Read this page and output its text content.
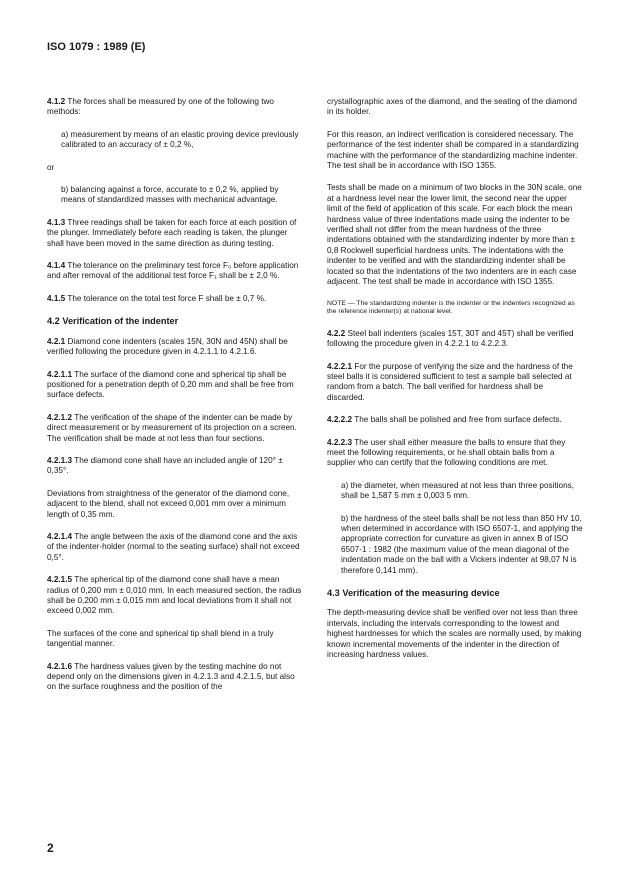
ISO 1079 : 1989 (E)

4.1.2 The forces shall be measured by one of the following two methods:

a) measurement by means of an elastic proving device previously calibrated to an accuracy of ± 0,2 %,

or

b) balancing against a force, accurate to ± 0,2 %, applied by means of standardized masses with mechanical advantage.

4.1.3 Three readings shall be taken for each force at each position of the plunger. Immediately before each reading is taken, the plunger shall have been moved in the same direction as during testing.

4.1.4 The tolerance on the preliminary test force F₀ before application and after removal of the additional test force F₁ shall be ± 2,0 %.

4.1.5 The tolerance on the total test force F shall be ± 0,7 %.

4.2 Verification of the indenter

4.2.1 Diamond cone indenters (scales 15N, 30N and 45N) shall be verified following the procedure given in 4.2.1.1 to 4.2.1.6.

4.2.1.1 The surface of the diamond cone and spherical tip shall be positioned for a penetration depth of 0,20 mm and shall be free from surface defects.

4.2.1.2 The verification of the shape of the indenter can be made by direct measurement or by measurement of its projection on a screen. The verification shall be made at not less than four sections.

4.2.1.3 The diamond cone shall have an included angle of 120° ± 0,35°.

Deviations from straightness of the generator of the diamond cone, adjacent to the blend, shall not exceed 0,001 mm over a minimum length of 0,35 mm.

4.2.1.4 The angle between the axis of the diamond cone and the axis of the indenter-holder (normal to the seating surface) shall not exceed 0,5°.

4.2.1.5 The spherical tip of the diamond cone shall have a mean radius of 0,200 mm ± 0,010 mm. In each measured section, the radius shall be 0,200 mm ± 0,015 mm and local deviations from it shall not exceed 0,002 mm.

The surfaces of the cone and spherical tip shall blend in a truly tangential manner.

4.2.1.6 The hardness values given by the testing machine do not depend only on the dimensions given in 4.2.1.3 and 4.2.1.5, but also on the surface roughness and the position of the

crystallographic axes of the diamond, and the seating of the diamond in its holder.

For this reason, an indirect verification is considered necessary. The performance of the test indenter shall be compared in a standardizing machine with the performance of the standardizing machine indenter. The test shall be in accordance with ISO 1355.

Tests shall be made on a minimum of two blocks in the 30N scale, one at a hardness level near the lower limit, the second near the upper limit of the field of application of this scale. For each block the mean hardness value of three indentations made using the indenter to be verified shall not differ from the mean hardness of the three indentations obtained with the standardizing indenter by more than ± 0,8 Rockwell superficial hardness units. The indentations with the indenter to be verified and with the standardizing indenter shall be located so that the indentations of the two indenters are in each case adjacent. The test shall be made in accordance with ISO 1355.

NOTE — The standardizing indenter is the indenter or the indenters recognized as the reference indenter(s) at national level.

4.2.2 Steel ball indenters (scales 15T, 30T and 45T) shall be verified following the procedure given in 4.2.2.1 to 4.2.2.3.

4.2.2.1 For the purpose of verifying the size and the hardness of the steel balls it is considered sufficient to test a sample ball selected at random from a batch. The ball verified for hardness shall be discarded.

4.2.2.2 The balls shall be polished and free from surface defects.

4.2.2.3 The user shall either measure the balls to ensure that they meet the following requirements, or he shall obtain balls from a supplier who can certify that the following conditions are met.

a) the diameter, when measured at not less than three positions, shall be 1,587 5 mm ± 0,003 5 mm.

b) the hardness of the steel balls shall be not less than 850 HV 10, when determined in accordance with ISO 6507-1, and applying the appropriate correction for curvature as given in annex B of ISO 6507-1 : 1982 (the maximum value of the mean diagonal of the indentation made on the ball with a Vickers indenter at 98,07 N is therefore 0,141 mm).

4.3 Verification of the measuring device

The depth-measuring device shall be verified over not less than three intervals, including the intervals corresponding to the lowest and highest hardnesses for which the scales are normally used, by making known incremental movements of the indenter in the direction of increasing hardness values.

2
